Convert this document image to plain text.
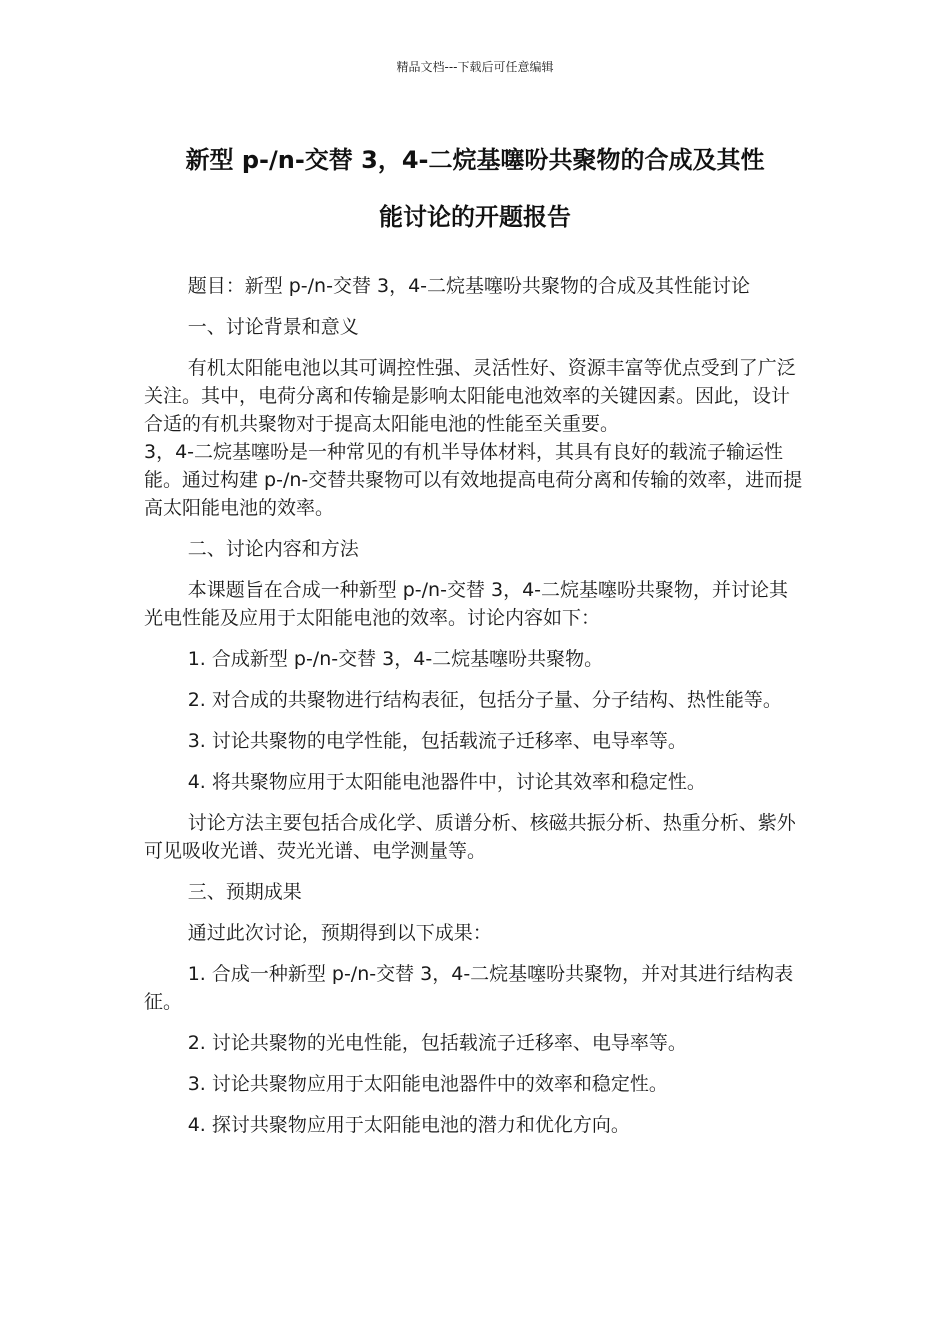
精品文档---下载后可任意编辑
新型 p-/n-交替 3，4-二烷基噻吩共聚物的合成及其性
能讨论的开题报告

题目：新型 p-/n-交替 3，4-二烷基噻吩共聚物的合成及其性能讨论

一、讨论背景和意义

有机太阳能电池以其可调控性强、灵活性好、资源丰富等优点受到了广泛关注。其中，电荷分离和传输是影响太阳能电池效率的关键因素。因此，设计合适的有机共聚物对于提高太阳能电池的性能至关重要。

3，4-二烷基噻吩是一种常见的有机半导体材料，其具有良好的载流子输运性能。通过构建 p-/n-交替共聚物可以有效地提高电荷分离和传输的效率，进而提高太阳能电池的效率。

二、讨论内容和方法

本课题旨在合成一种新型 p-/n-交替 3，4-二烷基噻吩共聚物，并讨论其光电性能及应用于太阳能电池的效率。讨论内容如下：

1. 合成新型 p-/n-交替 3，4-二烷基噻吩共聚物。

2. 对合成的共聚物进行结构表征，包括分子量、分子结构、热性能等。

3. 讨论共聚物的电学性能，包括载流子迁移率、电导率等。

4. 将共聚物应用于太阳能电池器件中，讨论其效率和稳定性。

讨论方法主要包括合成化学、质谱分析、核磁共振分析、热重分析、紫外可见吸收光谱、荧光光谱、电学测量等。

三、预期成果

通过此次讨论，预期得到以下成果：

1. 合成一种新型 p-/n-交替 3，4-二烷基噻吩共聚物，并对其进行结构表征。

2. 讨论共聚物的光电性能，包括载流子迁移率、电导率等。

3. 讨论共聚物应用于太阳能电池器件中的效率和稳定性。

4. 探讨共聚物应用于太阳能电池的潜力和优化方向。
